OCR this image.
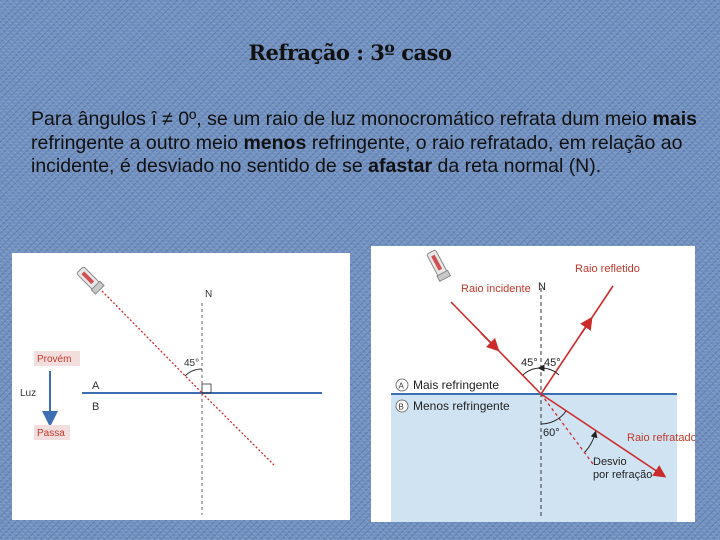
Refração : 3º caso
Para ângulos î ≠ 0º, se um raio de luz monocromático refrata dum meio mais refringente a outro meio menos refringente, o raio refratado, em relação ao incidente, é desviado no sentido de se afastar da reta normal (N).
N
45°
A
B
Provém
Luz
Passa
N
45° 45°
60°
Raio incidente
Raio refletido
A Mais refringente
B Menos refringente
Raio refratado
Desvio
por refração
